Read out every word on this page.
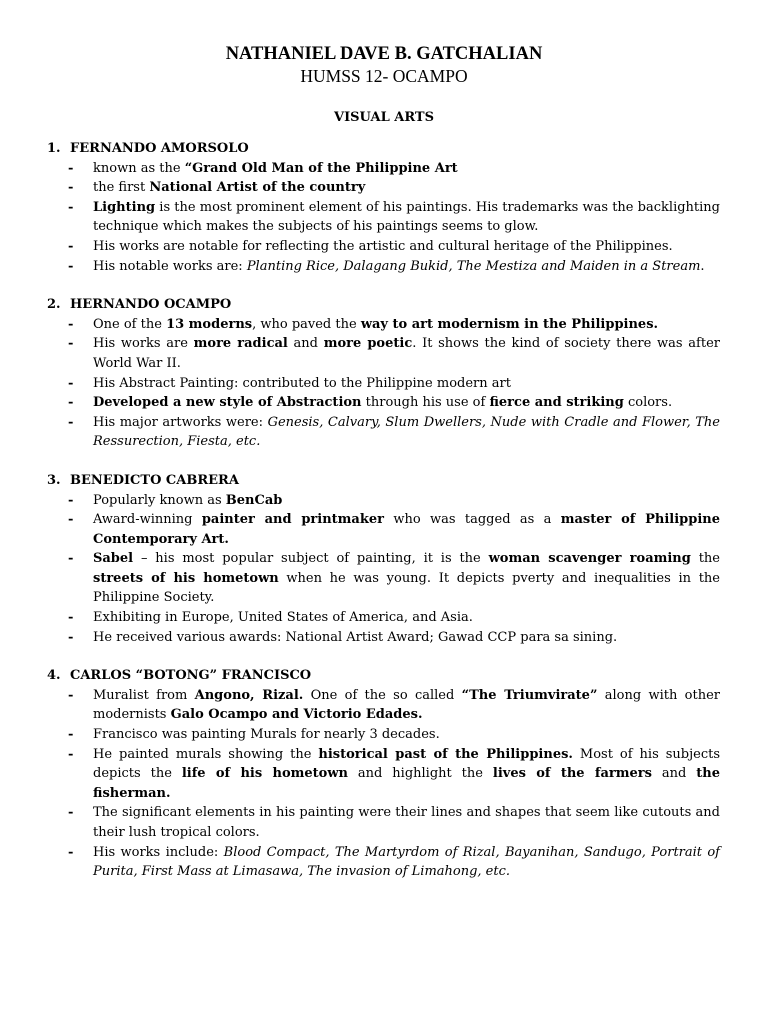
NATHANIEL DAVE B. GATCHALIAN
HUMSS 12- OCAMPO
VISUAL ARTS
1. FERNANDO AMORSOLO
-	known as the “Grand Old Man of the Philippine Art
-	the first National Artist of the country
-	Lighting is the most prominent element of his paintings. His trademarks was the backlighting technique which makes the subjects of his paintings seems to glow.
-	His works are notable for reflecting the artistic and cultural heritage of the Philippines.
-	His notable works are: Planting Rice, Dalagang Bukid, The Mestiza and Maiden in a Stream.
2. HERNANDO OCAMPO
-	One of the 13 moderns, who paved the way to art modernism in the Philippines.
-	His works are more radical and more poetic. It shows the kind of society there was after World War II.
-	His Abstract Painting: contributed to the Philippine modern art
-	Developed a new style of Abstraction through his use of fierce and striking colors.
-	His major artworks were: Genesis, Calvary, Slum Dwellers, Nude with Cradle and Flower, The Ressurection, Fiesta, etc.
3. BENEDICTO CABRERA
-	Popularly known as BenCab
-	Award-winning painter and printmaker who was tagged as a master of Philippine Contemporary Art.
-	Sabel – his most popular subject of painting, it is the woman scavenger roaming the streets of his hometown when he was young. It depicts pverty and inequalities in the Philippine Society.
-	Exhibiting in Europe, United States of America, and Asia.
-	He received various awards: National Artist Award; Gawad CCP para sa sining.
4. CARLOS “BOTONG” FRANCISCO
-	Muralist from Angono, Rizal. One of the so called “The Triumvirate” along with other modernists Galo Ocampo and Victorio Edades.
-	Francisco was painting Murals for nearly 3 decades.
-	He painted murals showing the historical past of the Philippines. Most of his subjects depicts the life of his hometown and highlight the lives of the farmers and the fisherman.
-	The significant elements in his painting were their lines and shapes that seem like cutouts and their lush tropical colors.
-	His works include: Blood Compact, The Martyrdom of Rizal, Bayanihan, Sandugo, Portrait of Purita, First Mass at Limasawa, The invasion of Limahong, etc.
